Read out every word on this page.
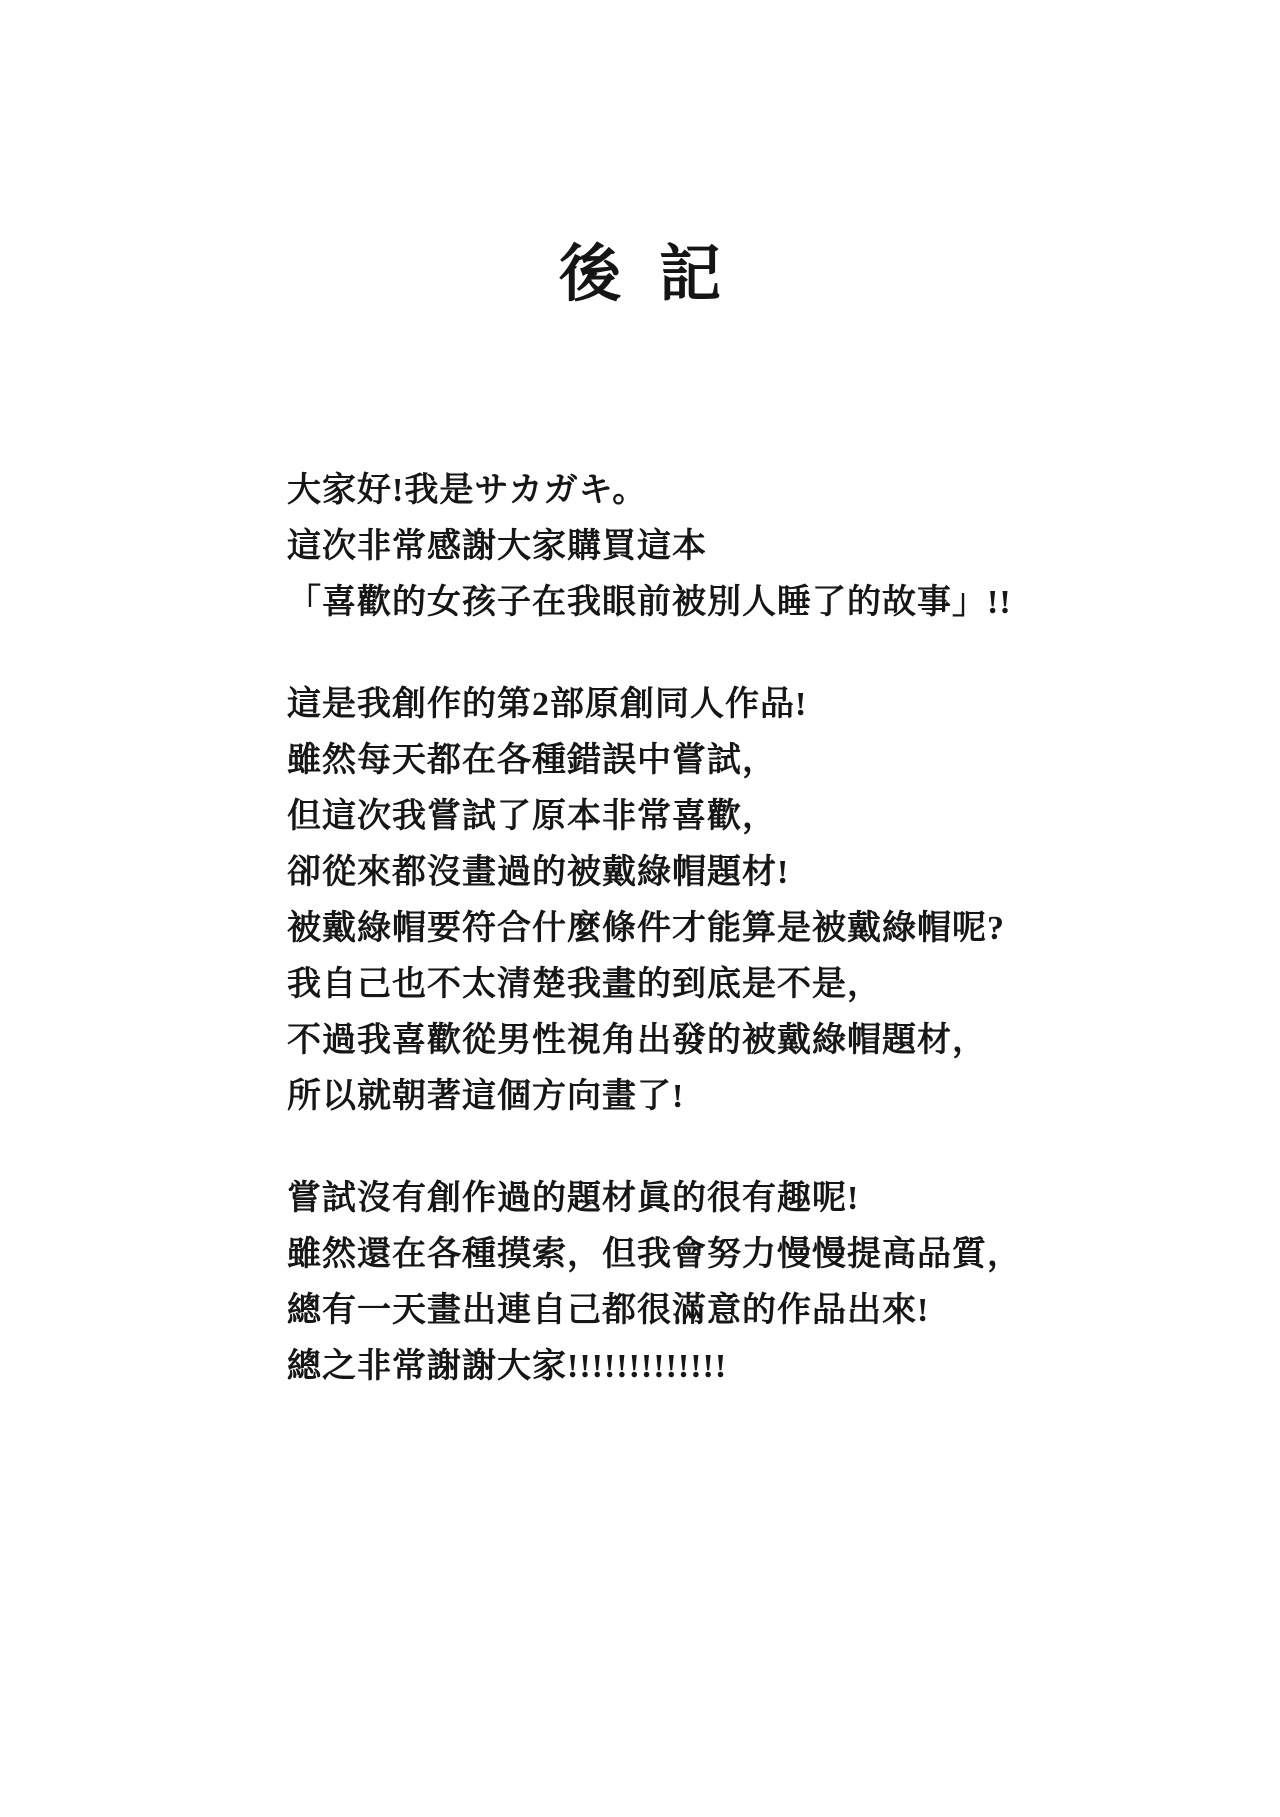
後記
大家好!我是サカガキ。
這次非常感謝大家購買這本
「喜歡的女孩子在我眼前被別人睡了的故事」!!
這是我創作的第2部原創同人作品!
雖然每天都在各種錯誤中嘗試，
但這次我嘗試了原本非常喜歡，
卻從來都沒畫過的被戴綠帽題材!
被戴綠帽要符合什麼條件才能算是被戴綠帽呢?
我自己也不太清楚我畫的到底是不是，
不過我喜歡從男性視角出發的被戴綠帽題材，
所以就朝著這個方向畫了!
嘗試沒有創作過的題材眞的很有趣呢!
雖然還在各種摸索，但我會努力慢慢提高品質，
總有一天畫出連自己都很滿意的作品出來!
總之非常謝謝大家!!!!!!!!!!!!!
